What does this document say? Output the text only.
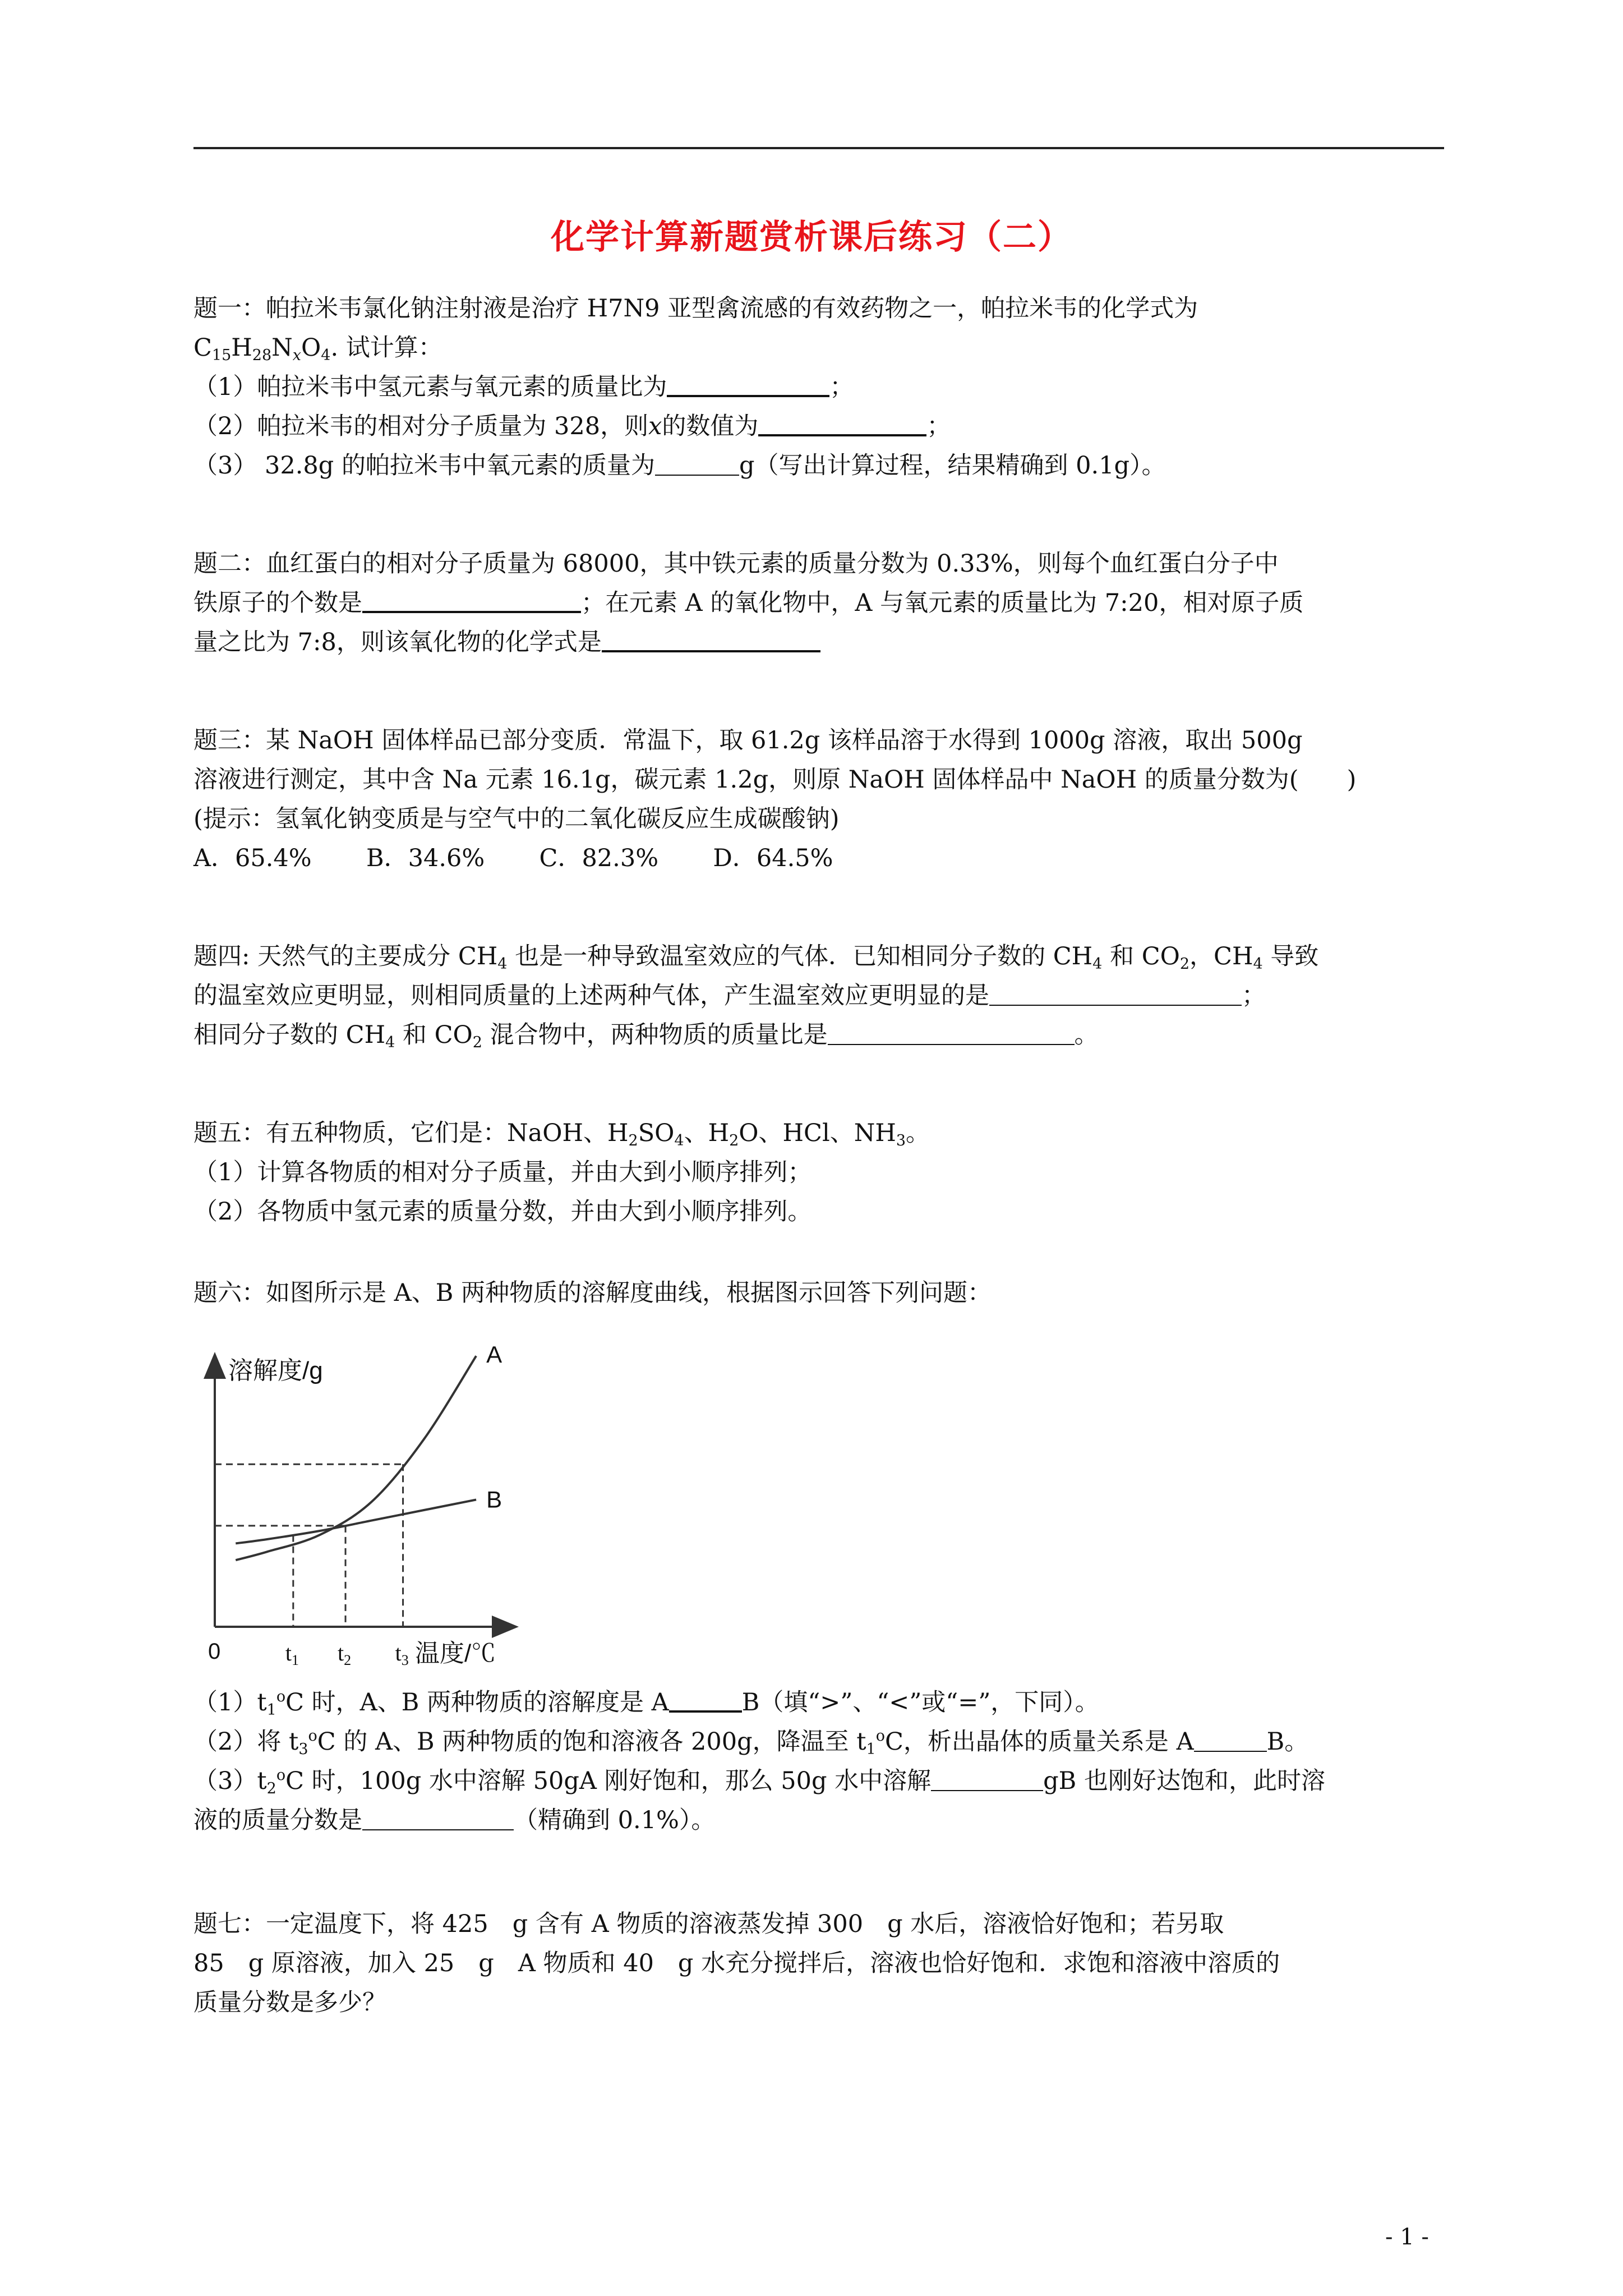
化学计算新题赏析课后练习（二）
题一：帕拉米韦氯化钠注射液是治疗 H7N9 亚型禽流感的有效药物之一，帕拉米韦的化学式为
$C_{15}H_{28}N_xO_4$. 试计算：
（1）帕拉米韦中氢元素与氧元素的质量比为	；
（2）帕拉米韦的相对分子质量为 328，则x的数值为	；
（3） 32.8g 的帕拉米韦中氧元素的质量为	g（写出计算过程，结果精确到 0.1g）。
题二：血红蛋白的相对分子质量为 68000，其中铁元素的质量分数为 0.33%，则每个血红蛋白分子中
铁原子的个数是	；在元素 A 的氧化物中，A 与氧元素的质量比为 7:20，相对原子质
量之比为 7:8，则该氧化物的化学式是
题三：某 NaOH 固体样品已部分变质．常温下，取 61.2g 该样品溶于水得到 1000g 溶液，取出 500g
溶液进行测定，其中含 Na 元素 16.1g，碳元素 1.2g，则原 NaOH 固体样品中 NaOH 的质量分数为(　　)
(提示：氢氧化钠变质是与空气中的二氧化碳反应生成碳酸钠)
A．65.4% B．34.6% C．82.3% D．64.5%
题四: 天然气的主要成分 $CH_4$ 也是一种导致温室效应的气体．已知相同分子数的 $CH_4$ 和 $CO_2$，$CH_4$ 导致
的温室效应更明显，则相同质量的上述两种气体，产生温室效应更明显的是	；
相同分子数的 $CH_4$ 和 $CO_2$ 混合物中，两种物质的质量比是	。
题五：有五种物质，它们是：NaOH、$H_2SO_4$、$H_2O$、HCl、$NH_3$。
（1）计算各物质的相对分子质量，并由大到小顺序排列；
（2）各物质中氢元素的质量分数，并由大到小顺序排列。
题六：如图所示是 A、B 两种物质的溶解度曲线，根据图示回答下列问题：
溶解度/g
温度/℃
0
A
B
$t_1$ $t_2$ $t_3$
$(1)t_1^oC$ 时，A、B 两种物质的溶解度是 A	B（填“>”、“<”或“=”，下同）。
（2）将 $t_3^oC$ 的 A、B 两种物质的饱和溶液各 200g，降温至 $t_1^oC$，析出晶体的质量关系是 A	B。
$(3)t_2^oC$ 时，100g 水中溶解 50gA 刚好饱和，那么 50g 水中溶解	gB 也刚好达饱和，此时溶
液的质量分数是	（精确到 0.1%）。
题七：一定温度下，将 425　g 含有 A 物质的溶液蒸发掉 300　g 水后，溶液恰好饱和；若另取
85　g 原溶液，加入 25　g　A 物质和 40　g 水充分搅拌后，溶液也恰好饱和．求饱和溶液中溶质的
质量分数是多少？
- 1 -
